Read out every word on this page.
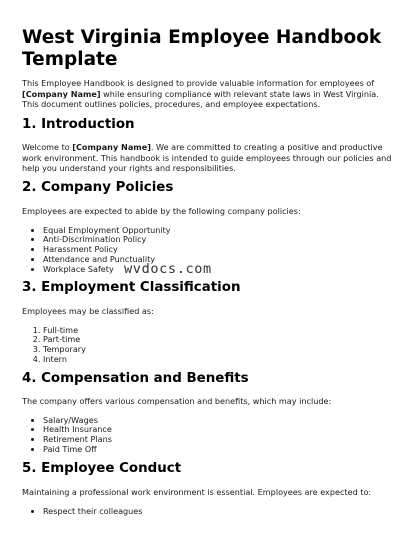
West Virginia Employee Handbook Template

This Employee Handbook is designed to provide valuable information for employees of [Company Name] while ensuring compliance with relevant state laws in West Virginia. This document outlines policies, procedures, and employee expectations.

1. Introduction

Welcome to [Company Name]. We are committed to creating a positive and productive work environment. This handbook is intended to guide employees through our policies and help you understand your rights and responsibilities.

2. Company Policies

Employees are expected to abide by the following company policies:

• Equal Employment Opportunity
• Anti-Discrimination Policy
• Harassment Policy
• Attendance and Punctuality
• Workplace Safety
3. Employment Classification

Employees may be classified as:

1. Full-time
2. Part-time
3. Temporary
4. Intern
4. Compensation and Benefits

The company offers various compensation and benefits, which may include:

• Salary/Wages
• Health Insurance
• Retirement Plans
• Paid Time Off
5. Employee Conduct

Maintaining a professional work environment is essential. Employees are expected to:

• Respect their colleagues
wvdocs.com
